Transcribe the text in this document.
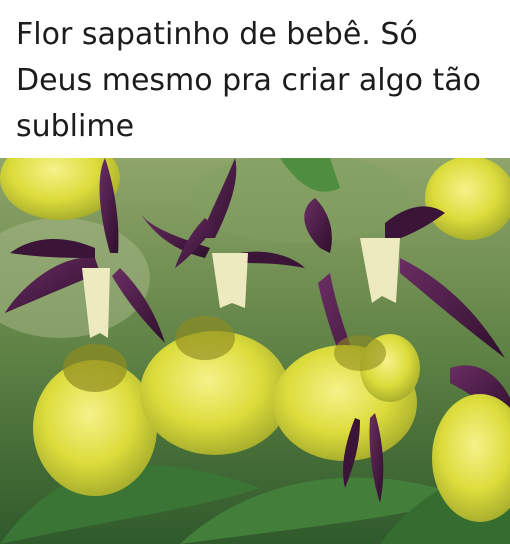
Flor sapatinho de bebê. Só Deus mesmo pra criar algo tão sublime
